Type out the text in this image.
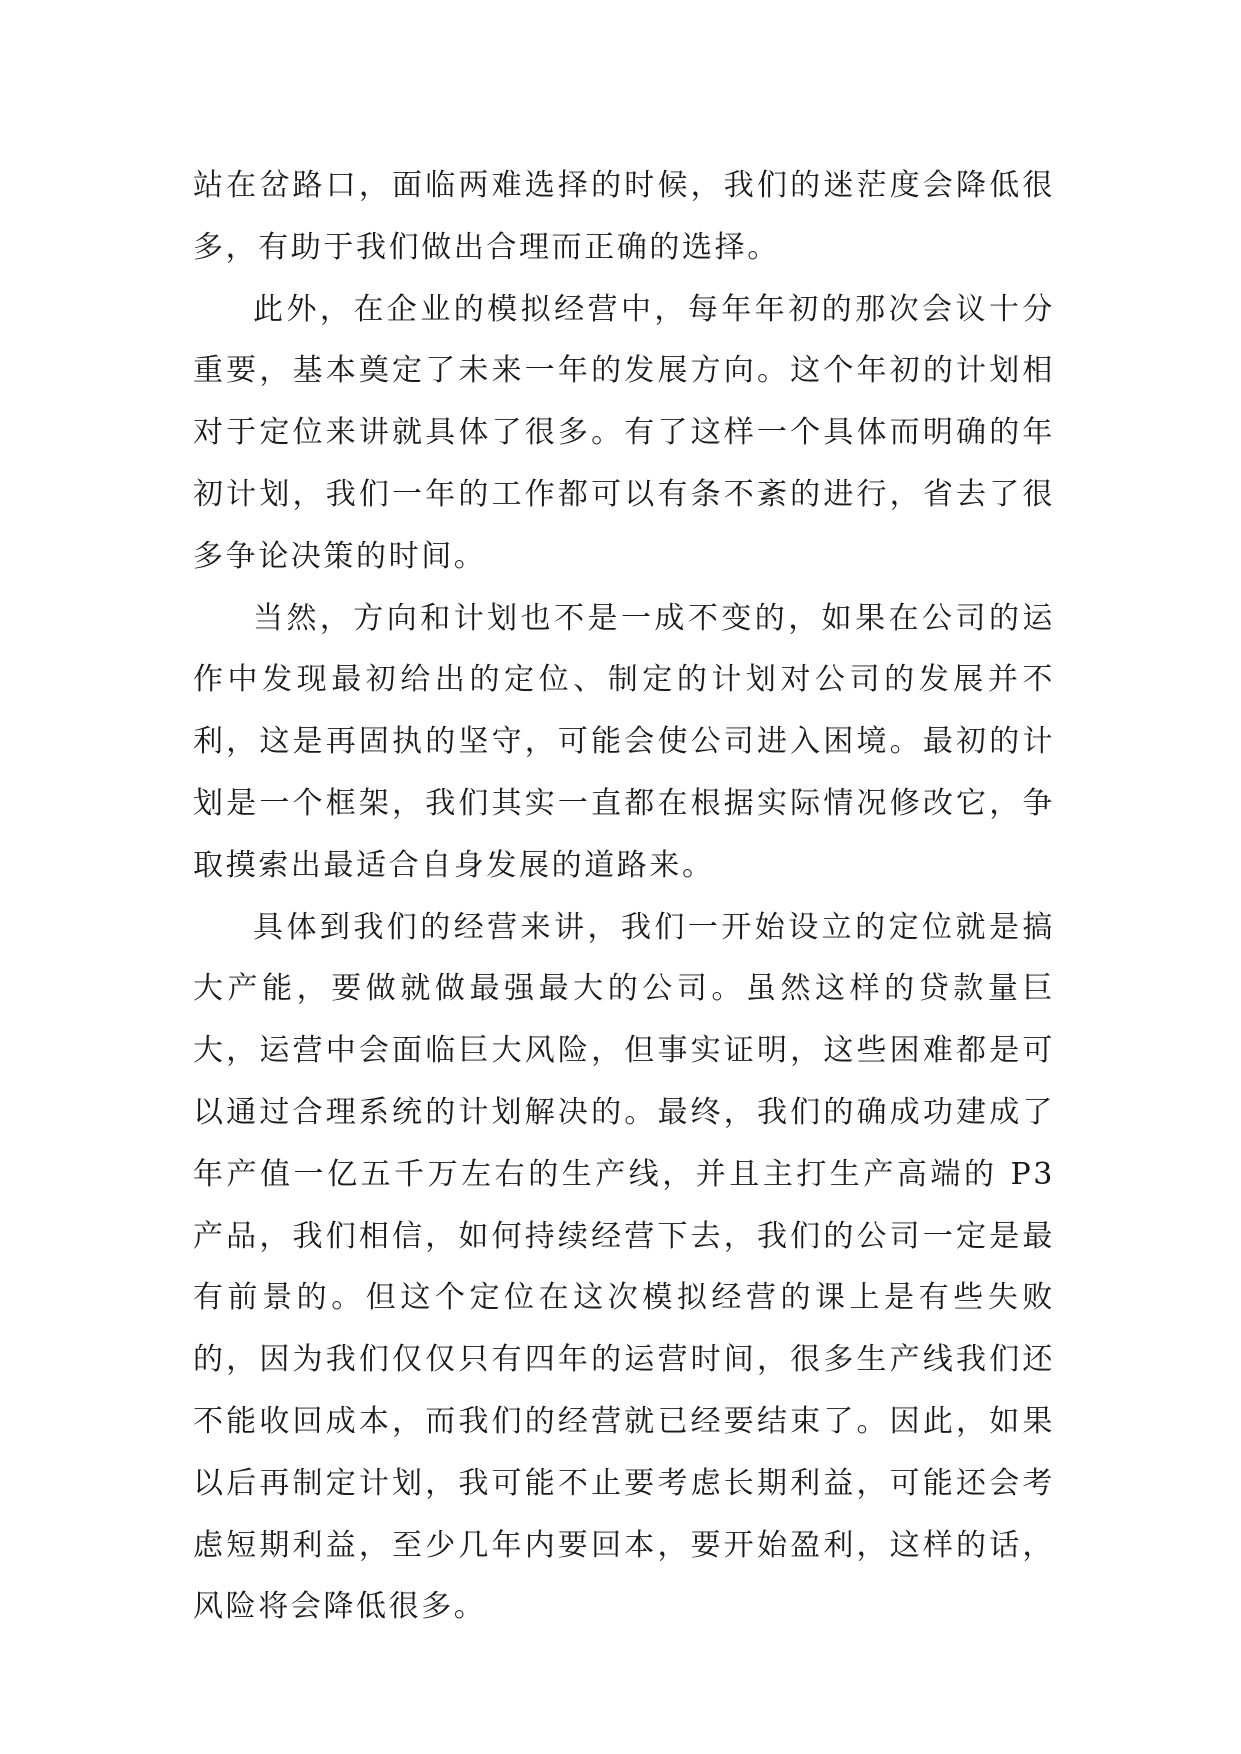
站在岔路口，面临两难选择的时候，我们的迷茫度会降低很多，有助于我们做出合理而正确的选择。

此外，在企业的模拟经营中，每年年初的那次会议十分重要，基本奠定了未来一年的发展方向。这个年初的计划相对于定位来讲就具体了很多。有了这样一个具体而明确的年初计划，我们一年的工作都可以有条不紊的进行，省去了很多争论决策的时间。

当然，方向和计划也不是一成不变的，如果在公司的运作中发现最初给出的定位、制定的计划对公司的发展并不利，这是再固执的坚守，可能会使公司进入困境。最初的计划是一个框架，我们其实一直都在根据实际情况修改它，争取摸索出最适合自身发展的道路来。

具体到我们的经营来讲，我们一开始设立的定位就是搞大产能，要做就做最强最大的公司。虽然这样的贷款量巨大，运营中会面临巨大风险，但事实证明，这些困难都是可以通过合理系统的计划解决的。最终，我们的确成功建成了年产值一亿五千万左右的生产线，并且主打生产高端的 P3 产品，我们相信，如何持续经营下去，我们的公司一定是最有前景的。但这个定位在这次模拟经营的课上是有些失败的，因为我们仅仅只有四年的运营时间，很多生产线我们还不能收回成本，而我们的经营就已经要结束了。因此，如果以后再制定计划，我可能不止要考虑长期利益，可能还会考虑短期利益，至少几年内要回本，要开始盈利，这样的话，风险将会降低很多。
